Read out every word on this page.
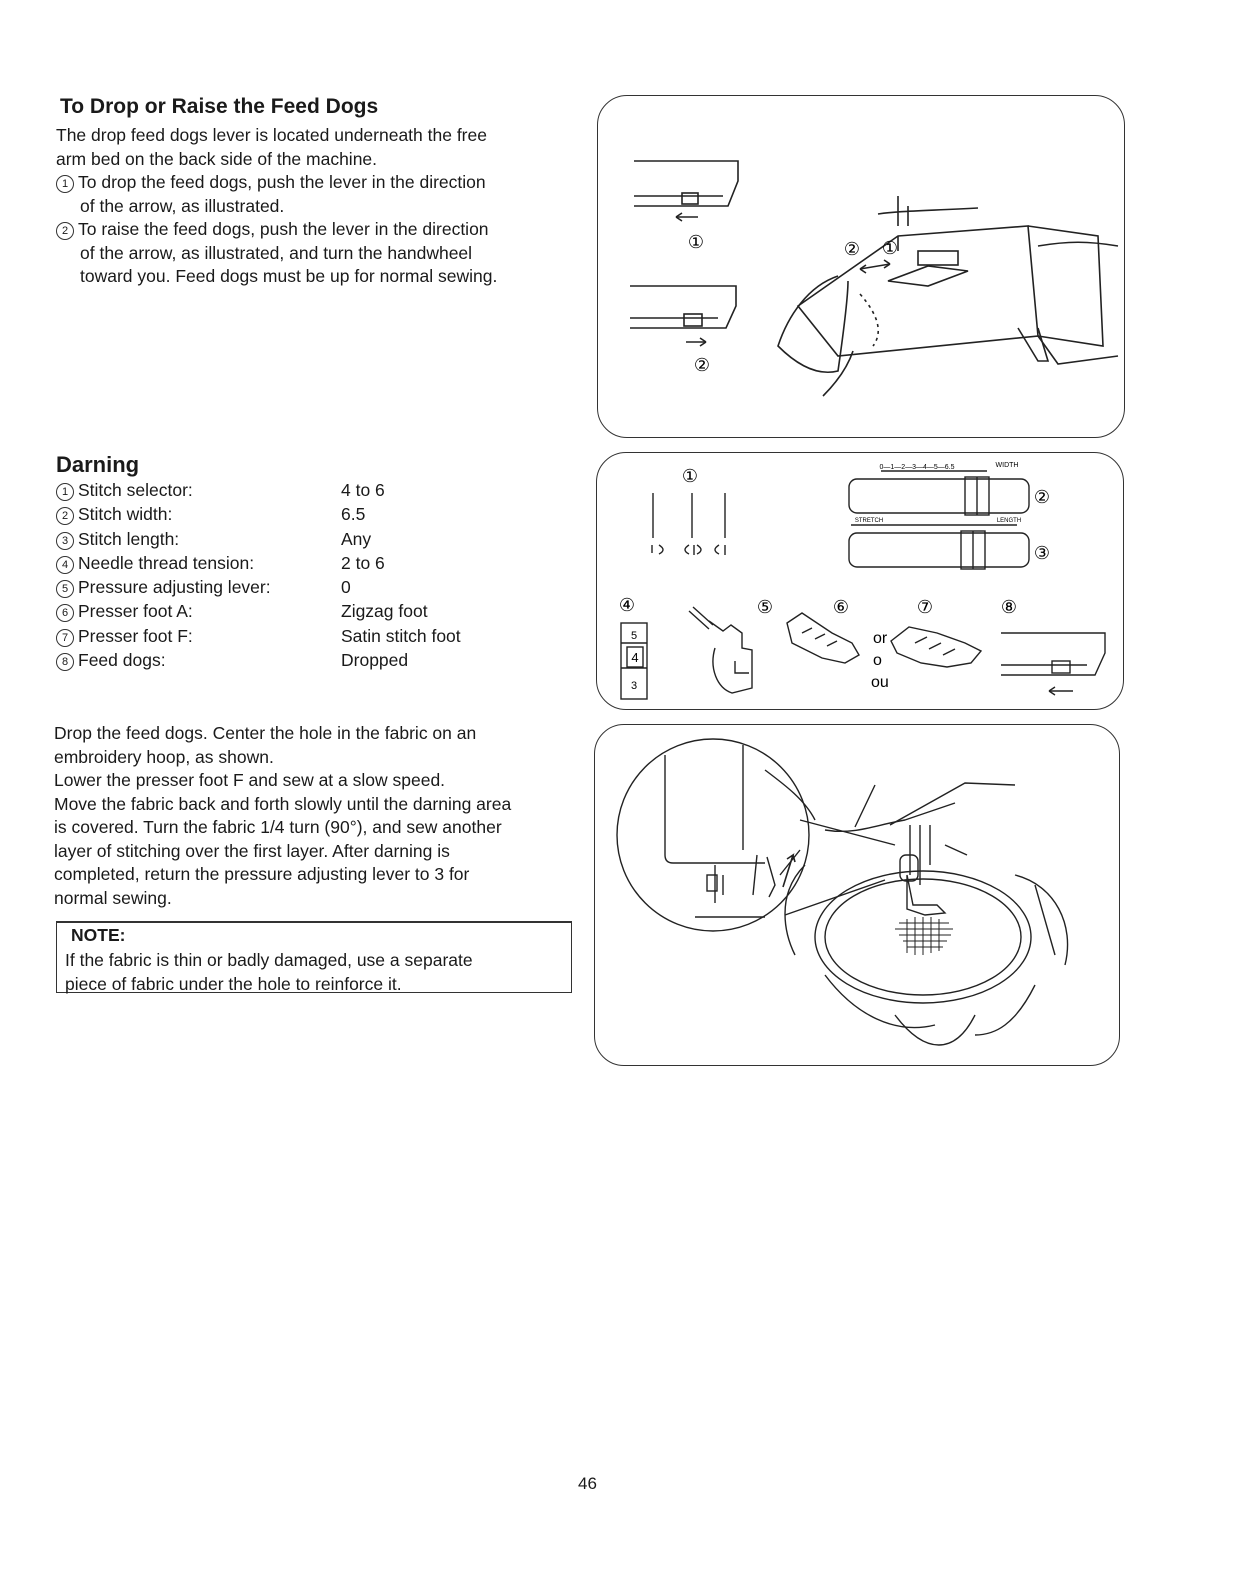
To Drop or Raise the Feed Dogs
The drop feed dogs lever is located underneath the free
arm bed on the back side of the machine.
1 To drop the feed dogs, push the lever in the direction
of the arrow, as illustrated.
2 To raise the feed dogs, push the lever in the direction
of the arrow, as illustrated, and turn the handwheel
toward you. Feed dogs must be up for normal sewing.
①
②
② ①
Darning
1 Stitch selector:	4 to 6
2 Stitch width:	6.5
3 Stitch length:	Any
4 Needle thread tension:	2 to 6
5 Pressure adjusting lever:	0
6 Presser foot A:	Zigzag foot
7 Presser foot F:	Satin stitch foot
8 Feed dogs:	Dropped
①
②
③
④	⑤	⑥	⑦	⑧
WIDTH
0—1—2—3—4—5—6.5
STRETCH	LENGTH
5
4
3
or
o
ou
Drop the feed dogs. Center the hole in the fabric on an
embroidery hoop, as shown.
Lower the presser foot F and sew at a slow speed.
Move the fabric back and forth slowly until the darning area
is covered. Turn the fabric 1/4 turn (90°), and sew another
layer of stitching over the first layer. After darning is
completed, return the pressure adjusting lever to 3 for
normal sewing.
NOTE:
If the fabric is thin or badly damaged, use a separate
piece of fabric under the hole to reinforce it.
46
